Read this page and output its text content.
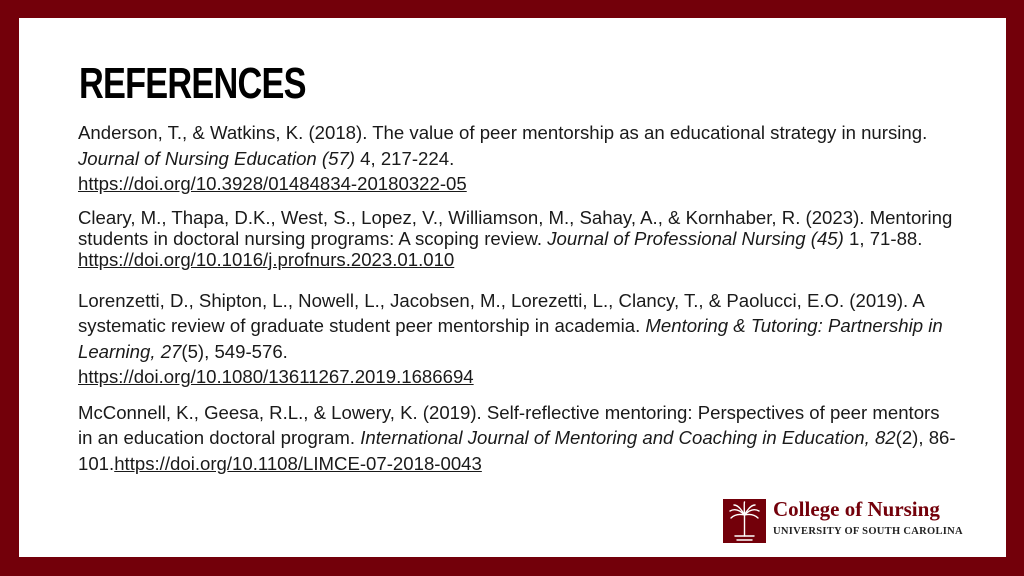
REFERENCES

Anderson, T., & Watkins, K. (2018). The value of peer mentorship as an educational strategy in nursing. Journal of Nursing Education (57) 4, 217-224.
https://doi.org/10.3928/01484834-20180322-05

Cleary, M., Thapa, D.K., West, S., Lopez, V., Williamson, M., Sahay, A., & Kornhaber, R. (2023). Mentoring students in doctoral nursing programs: A scoping review. Journal of Professional Nursing (45) 1, 71-88. https://doi.org/10.1016/j.profnurs.2023.01.010

Lorenzetti, D., Shipton, L., Nowell, L., Jacobsen, M., Lorezetti, L., Clancy, T., & Paolucci, E.O. (2019). A systematic review of graduate student peer mentorship in academia. Mentoring & Tutoring: Partnership in Learning, 27(5), 549-576.
https://doi.org/10.1080/13611267.2019.1686694

McConnell, K., Geesa, R.L., & Lowery, K. (2019). Self-reflective mentoring: Perspectives of peer mentors in an education doctoral program. International Journal of Mentoring and Coaching in Education, 82(2), 86-101.https://doi.org/10.1108/LIMCE-07-2018-0043

College of Nursing
UNIVERSITY OF SOUTH CAROLINA
